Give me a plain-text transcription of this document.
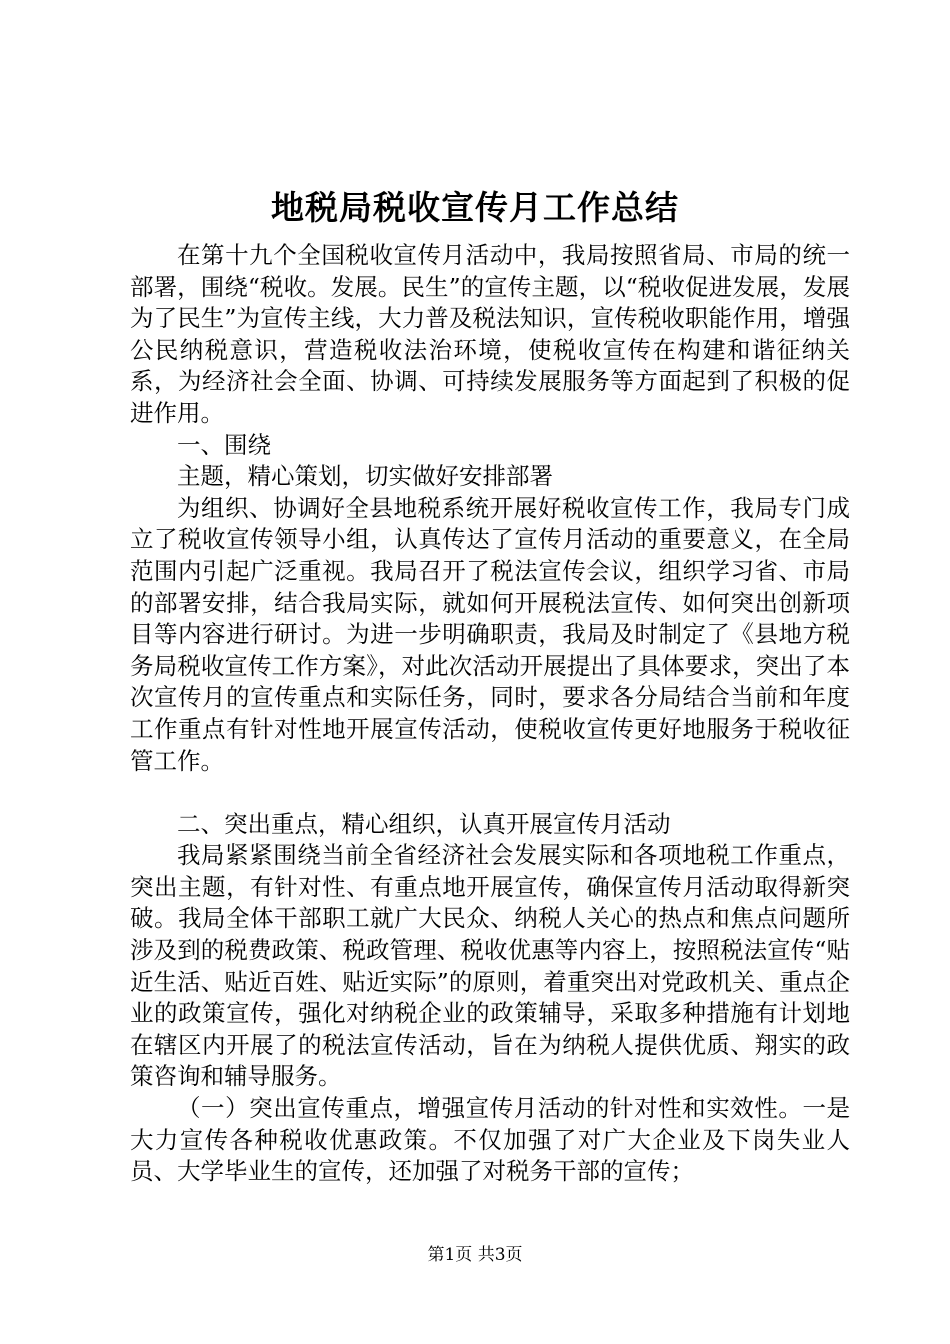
地税局税收宣传月工作总结

在第十九个全国税收宣传月活动中，我局按照省局、市局的统一部署，围绕“税收。发展。民生”的宣传主题，以“税收促进发展，发展为了民生”为宣传主线，大力普及税法知识，宣传税收职能作用，增强公民纳税意识，营造税收法治环境，使税收宣传在构建和谐征纳关系，为经济社会全面、协调、可持续发展服务等方面起到了积极的促进作用。

一、围绕

主题，精心策划，切实做好安排部署

为组织、协调好全县地税系统开展好税收宣传工作，我局专门成立了税收宣传领导小组，认真传达了宣传月活动的重要意义，在全局范围内引起广泛重视。我局召开了税法宣传会议，组织学习省、市局的部署安排，结合我局实际，就如何开展税法宣传、如何突出创新项目等内容进行研讨。为进一步明确职责，我局及时制定了《县地方税务局税收宣传工作方案》，对此次活动开展提出了具体要求，突出了本次宣传月的宣传重点和实际任务，同时，要求各分局结合当前和年度工作重点有针对性地开展宣传活动，使税收宣传更好地服务于税收征管工作。

二、突出重点，精心组织，认真开展宣传月活动

我局紧紧围绕当前全省经济社会发展实际和各项地税工作重点，突出主题，有针对性、有重点地开展宣传，确保宣传月活动取得新突破。我局全体干部职工就广大民众、纳税人关心的热点和焦点问题所涉及到的税费政策、税政管理、税收优惠等内容上，按照税法宣传“贴近生活、贴近百姓、贴近实际”的原则，着重突出对党政机关、重点企业的政策宣传，强化对纳税企业的政策辅导，采取多种措施有计划地在辖区内开展了的税法宣传活动，旨在为纳税人提供优质、翔实的政策咨询和辅导服务。

（一）突出宣传重点，增强宣传月活动的针对性和实效性。一是大力宣传各种税收优惠政策。不仅加强了对广大企业及下岗失业人员、大学毕业生的宣传，还加强了对税务干部的宣传；

第1页 共3页
